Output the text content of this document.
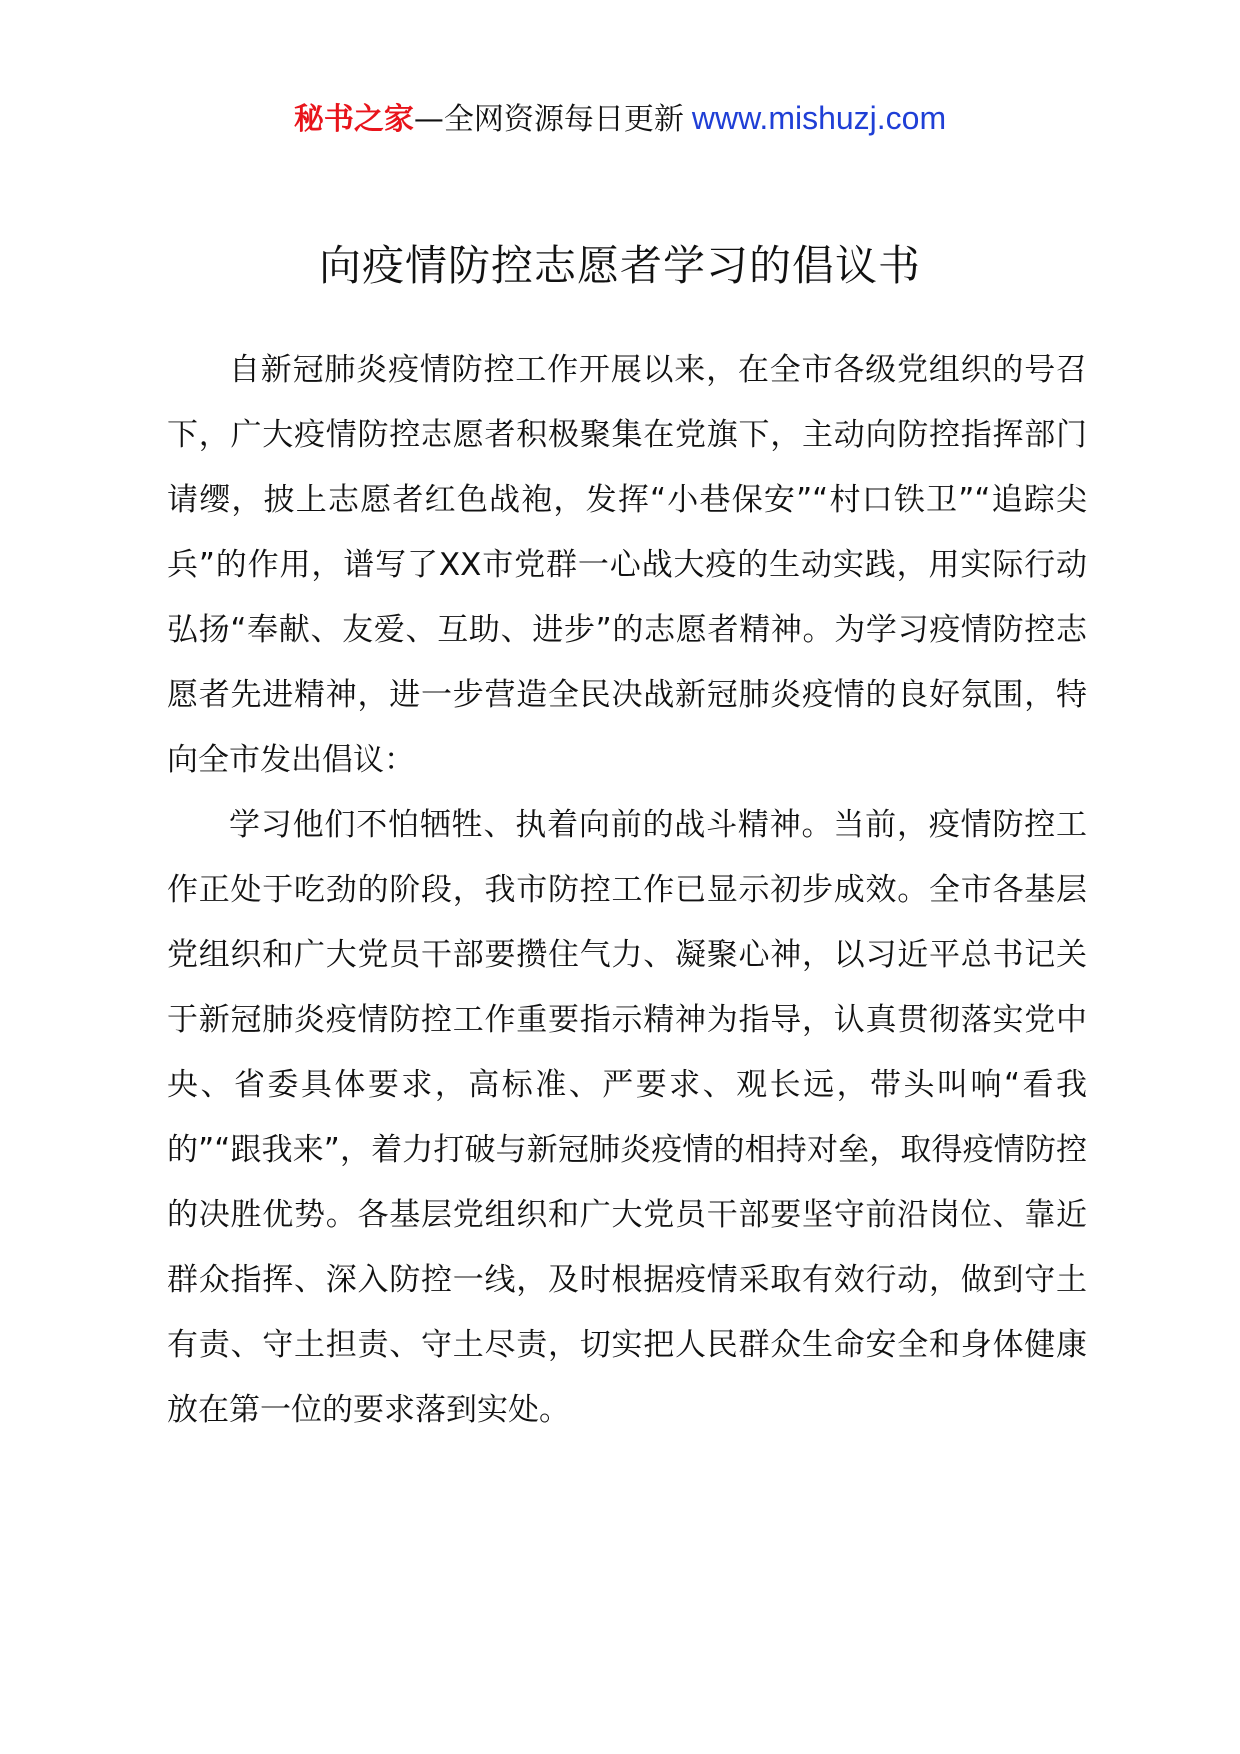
秘书之家—全网资源每日更新 www.mishuzj.com
向疫情防控志愿者学习的倡议书

自新冠肺炎疫情防控工作开展以来，在全市各级党组织的号召下，广大疫情防控志愿者积极聚集在党旗下，主动向防控指挥部门请缨，披上志愿者红色战袍，发挥“小巷保安”“村口铁卫”“追踪尖兵”的作用，谱写了XX市党群一心战大疫的生动实践，用实际行动弘扬“奉献、友爱、互助、进步”的志愿者精神。为学习疫情防控志愿者先进精神，进一步营造全民决战新冠肺炎疫情的良好氛围，特向全市发出倡议：

学习他们不怕牺牲、执着向前的战斗精神。当前，疫情防控工作正处于吃劲的阶段，我市防控工作已显示初步成效。全市各基层党组织和广大党员干部要攒住气力、凝聚心神，以习近平总书记关于新冠肺炎疫情防控工作重要指示精神为指导，认真贯彻落实党中央、省委具体要求，高标准、严要求、观长远，带头叫响“看我的”“跟我来”，着力打破与新冠肺炎疫情的相持对垒，取得疫情防控的决胜优势。各基层党组织和广大党员干部要坚守前沿岗位、靠近群众指挥、深入防控一线，及时根据疫情采取有效行动，做到守土有责、守土担责、守土尽责，切实把人民群众生命安全和身体健康放在第一位的要求落到实处。
